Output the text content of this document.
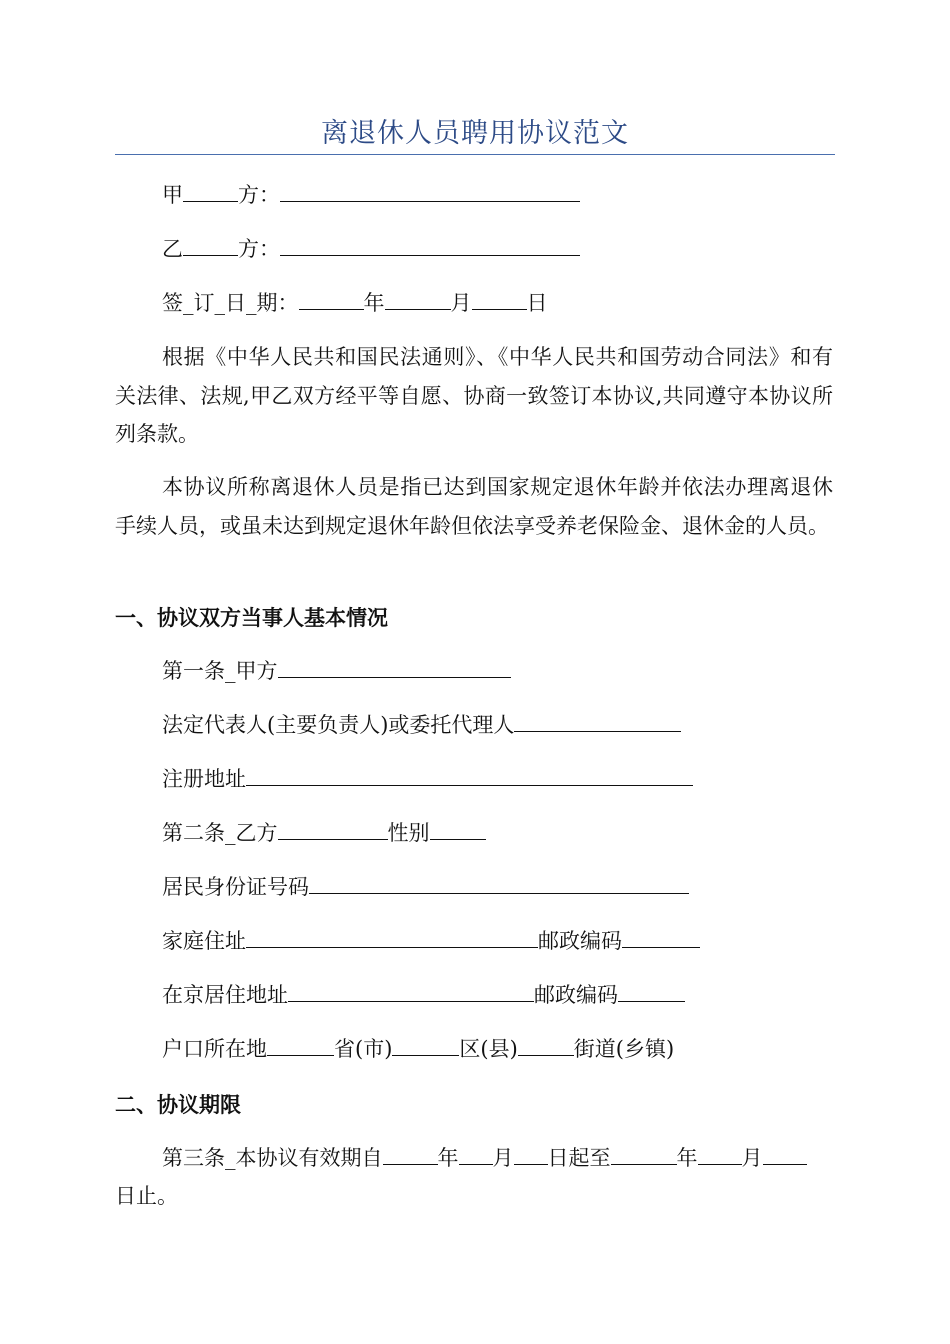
离退休人员聘用协议范文
甲	方：
乙	方：
签_订_日_期：	年	月	日
根据《中华人民共和国民法通则》、《中华人民共和国劳动合同法》和有关法律、法规,甲乙双方经平等自愿、协商一致签订本协议,共同遵守本协议所列条款。
本协议所称离退休人员是指已达到国家规定退休年龄并依法办理离退休手续人员，或虽未达到规定退休年龄但依法享受养老保险金、退休金的人员。
一、协议双方当事人基本情况
第一条_甲方
法定代表人(主要负责人)或委托代理人
注册地址
第二条_乙方	性别
居民身份证号码
家庭住址	邮政编码
在京居住地址	邮政编码
户口所在地	省(市)	区(县)	街道(乡镇)
二、协议期限
第三条_本协议有效期自	年 月 日起至	年 月
日止。
